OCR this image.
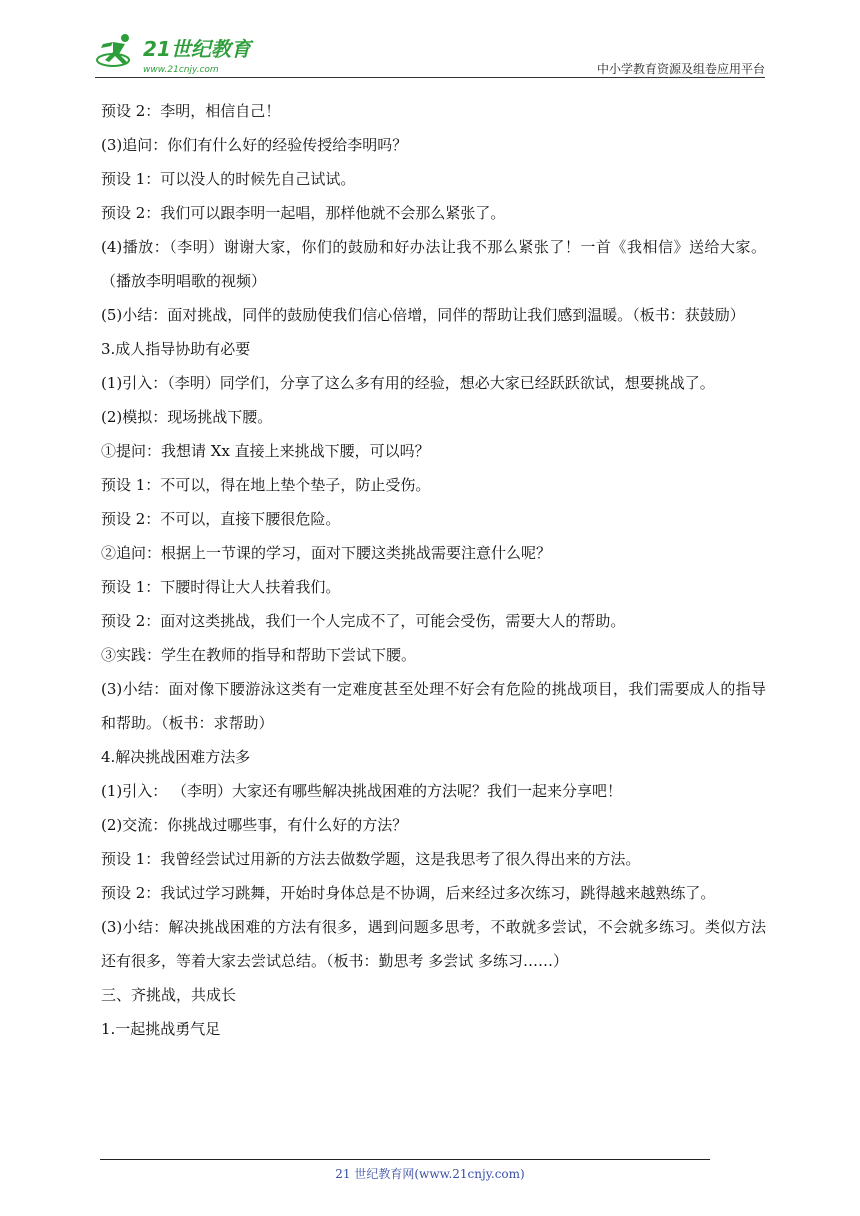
21世纪教育
www.21cnjy.com	中小学教育资源及组卷应用平台

预设 2：李明，相信自己！

(3)追问：你们有什么好的经验传授给李明吗？

预设 1：可以没人的时候先自己试试。

预设 2：我们可以跟李明一起唱，那样他就不会那么紧张了。

(4)播放：（李明）谢谢大家，你们的鼓励和好办法让我不那么紧张了！一首《我相信》送给大家。（播放李明唱歌的视频）

(5)小结：面对挑战，同伴的鼓励使我们信心倍增，同伴的帮助让我们感到温暖。（板书：获鼓励）

3.成人指导协助有必要

(1)引入：（李明）同学们，分享了这么多有用的经验，想必大家已经跃跃欲试，想要挑战了。

(2)模拟：现场挑战下腰。

①提问：我想请 Xx 直接上来挑战下腰，可以吗？

预设 1：不可以，得在地上垫个垫子，防止受伤。

预设 2：不可以，直接下腰很危险。

②追问：根据上一节课的学习，面对下腰这类挑战需要注意什么呢？

预设 1：下腰时得让大人扶着我们。

预设 2：面对这类挑战，我们一个人完成不了，可能会受伤，需要大人的帮助。

③实践：学生在教师的指导和帮助下尝试下腰。

(3)小结：面对像下腰游泳这类有一定难度甚至处理不好会有危险的挑战项目，我们需要成人的指导和帮助。（板书：求帮助）

4.解决挑战困难方法多

(1)引入： （李明）大家还有哪些解决挑战困难的方法呢？我们一起来分享吧！

(2)交流：你挑战过哪些事，有什么好的方法？

预设 1：我曾经尝试过用新的方法去做数学题，这是我思考了很久得出来的方法。

预设 2：我试过学习跳舞，开始时身体总是不协调，后来经过多次练习，跳得越来越熟练了。

(3)小结：解决挑战困难的方法有很多，遇到问题多思考，不敢就多尝试，不会就多练习。类似方法还有很多，等着大家去尝试总结。（板书：勤思考 多尝试 多练习……）

三、齐挑战，共成长

1.一起挑战勇气足

21 世纪教育网(www.21cnjy.com)
